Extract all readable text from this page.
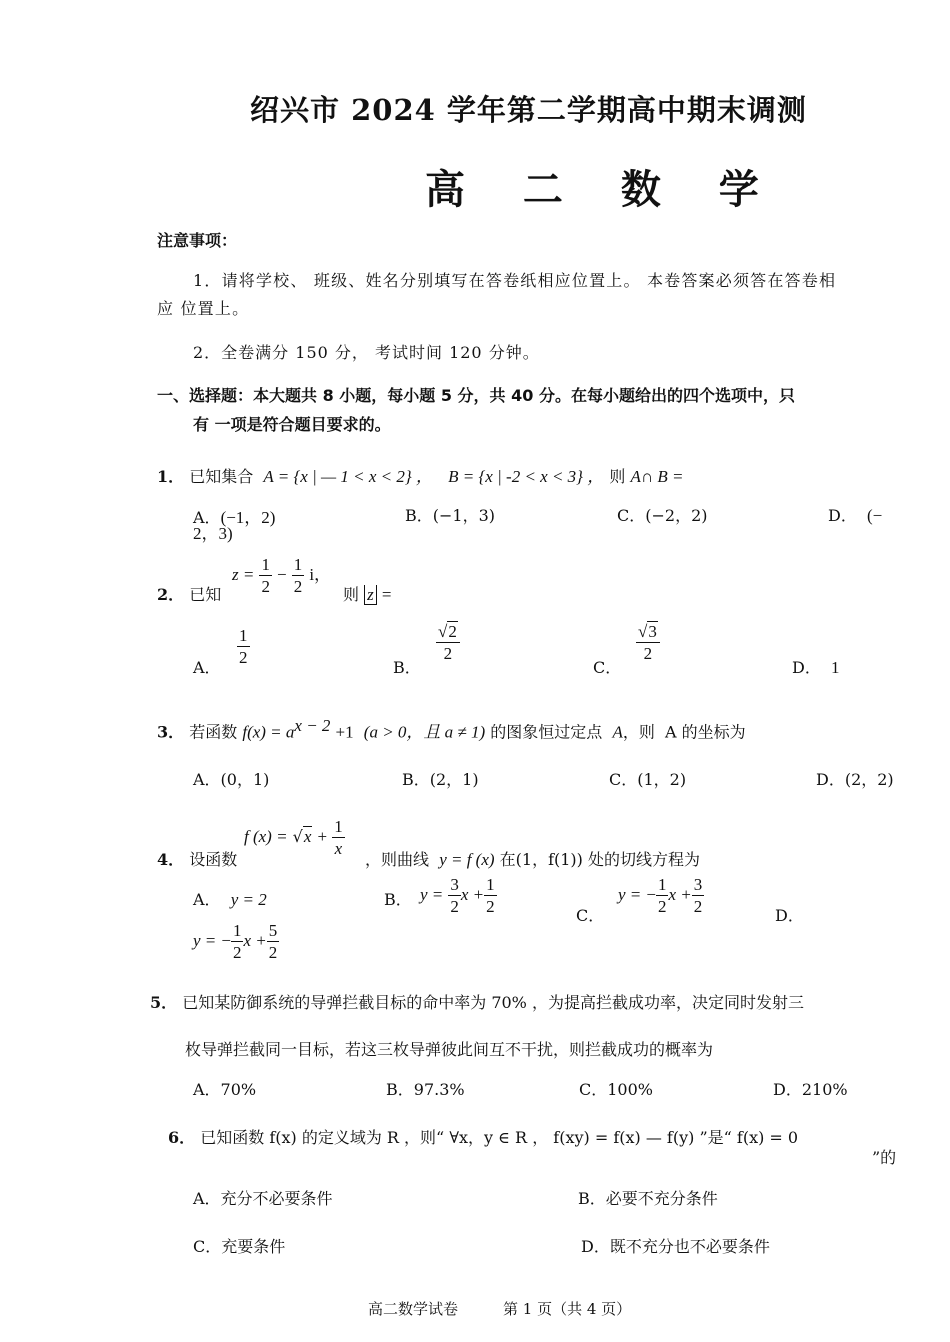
绍兴市 2024 学年第二学期高中期末调测
高 二 数 学
注意事项：
1．请将学校、 班级、姓名分别填写在答卷纸相应位置上。 本卷答案必须答在答卷相
应 位置上。
2．全卷满分 150 分， 考试时间 120 分钟。
一、选择题：本大题共 8 小题，每小题 5 分，共 40 分。在每小题给出的四个选项中，只
有 一项是符合题目要求的。
1． 已知集合 A = {x | — 1 < x < 2} ， B = {x | -2 < x < 3} ， 则 A∩ B =
A．(−1，2)	B．(−1，3)	C．(−2，2)	D． (−
2，3)
2． 已知
$z = \frac{1}{2} - \frac{1}{2}$ i，
则 z =
A．
$\frac{1}{2}$
B．
$\frac{√2}{2}$
C．
$\frac{√3}{2}$
D． 1
3． 若函数 $f(x) = a^{x - 2} +1$ (a > 0，且 a ≠ 1) 的图象恒过定点 A，则 A 的坐标为
A．(0，1)	B．(2，1)	C．(1，2)	D．(2，2)
4． 设函数
f $(x) = √x + \frac{1}{x}$
，则曲线 y = f (x) 在(1，f(1)) 处的切线方程为
A． y = 2	B． $y = \frac{3}{2}$ $x + \frac{1}{2}$
C．
y = − $\frac{1}{2}$ $x + \frac{3}{2}$
D．
y = − $\frac{1}{2}$ $x + \frac{5}{2}$
5． 已知某防御系统的导弹拦截目标的命中率为 70% ，为提高拦截成功率，决定同时发射三
枚导弹拦截同一目标，若这三枚导弹彼此间互不干扰，则拦截成功的概率为
A．70%	B．97.3%	C．100%	D．210%
6． 已知函数 f(x) 的定义域为 R ，则“ ∀x，y ∈ R ， f(xy) = f(x) — f(y) ”是“ f(x) = 0
”的
A．充分不必要条件	B．必要不充分条件
C．充要条件	D．既不充分也不必要条件
高二数学试卷	第 1 页（共 4 页）
